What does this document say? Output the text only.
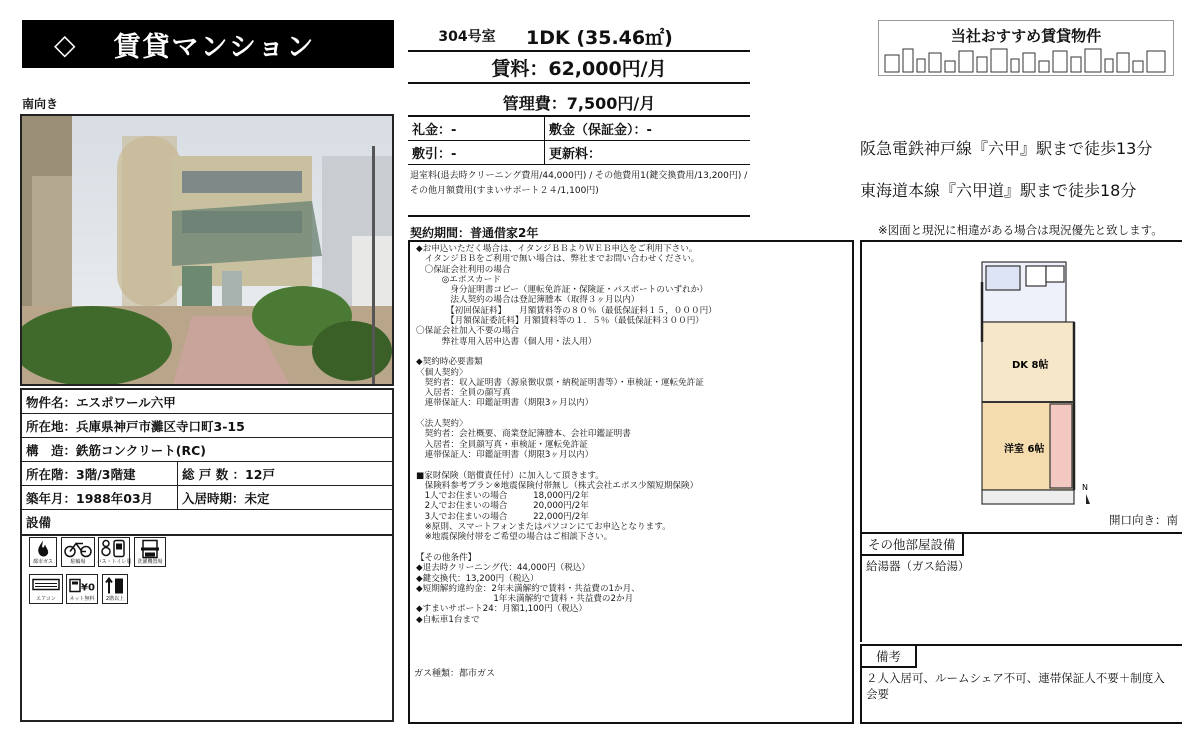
◇ 賃貸マンション
南向き
物件名：エスポワール六甲
所在地：兵庫県神戸市灘区寺口町3-15
構　造：鉄筋コンクリート(RC)
所在階：3階/3階建	総 戸 数 ：12戸
築年月：1988年03月	入居時期：未定
設備
都市ガス	駐輪場 バス・トイレ別 洗濯機置場
エアコン
¥0
ネット無料 2階以上
304号室	1DK (35.46㎡)
賃料：62,000円/月
管理費：7,500円/月
礼金：-	敷金（保証金）：-
敷引：-	更新料：
退室料(退去時クリーニング費用/44,000円) / その他費用1(鍵交換費用/13,200円) / その他月額費用(すまいサポート２４/1,100円)
契約期間：普通借家2年
◆お申込いただく場合は、イタンジＢＢよりＷＥＢ申込をご利用下さい。
　イタンジＢＢをご利用で無い場合は、弊社までお問い合わせください。
　〇保証会社利用の場合
　　　◎エポスカード
　　　　身分証明書コピー（運転免許証・保険証・パスポートのいずれか）
　　　　法人契約の場合は登記簿謄本（取得３ヶ月以内）
　　　　【初回保証料】　　月額賃料等の８０％（最低保証料１５，０００円）
　　　　【月額保証委託料】月額賃料等の１．５％（最低保証料３００円）
〇保証会社加入不要の場合
　　　弊社専用入居申込書（個人用・法人用）

◆契約時必要書類
〈個人契約〉
　契約者：収入証明書（源泉徴収票・納税証明書等）・車検証・運転免許証
　入居者：全員の顔写真
　連帯保証人：印鑑証明書（期限3ヶ月以内）

〈法人契約〉
　契約者：会社概要、商業登記簿謄本、会社印鑑証明書
　入居者：全員顔写真・車検証・運転免許証
　連帯保証人：印鑑証明書（期限3ヶ月以内）

■家財保険（賠償責任付）に加入して頂きます。
　保険料参考プラン※地震保険付帯無し（株式会社エポス少額短期保険）
　1人でお住まいの場合　　　18,000円/2年
　2人でお住まいの場合　　　20,000円/2年
　3人でお住まいの場合　　　22,000円/2年
　※原則、スマートフォンまたはパソコンにてお申込となります。
　※地震保険付帯をご希望の場合はご相談下さい。

【その他条件】
◆退去時クリーニング代：44,000円（税込）
◆鍵交換代：13,200円（税込）
◆短期解約違約金：2年未満解約で賃料・共益費の1か月、
　　　　　　　　　1年未満解約で賃料・共益費の2か月
◆すまいサポート24：月額1,100円（税込）
◆自転車1台まで
ガス種類：都市ガス
当社おすすめ賃貸物件
阪急電鉄神戸線『六甲』駅まで徒歩13分
東海道本線『六甲道』駅まで徒歩18分
※図面と現況に相違がある場合は現況優先と致します。
DK 8帖
洋室 6帖
N
開口向き：南
その他部屋設備
給湯器（ガス給湯）
備考
２人入居可、ルームシェア不可、連帯保証人不要＋制度入会要
